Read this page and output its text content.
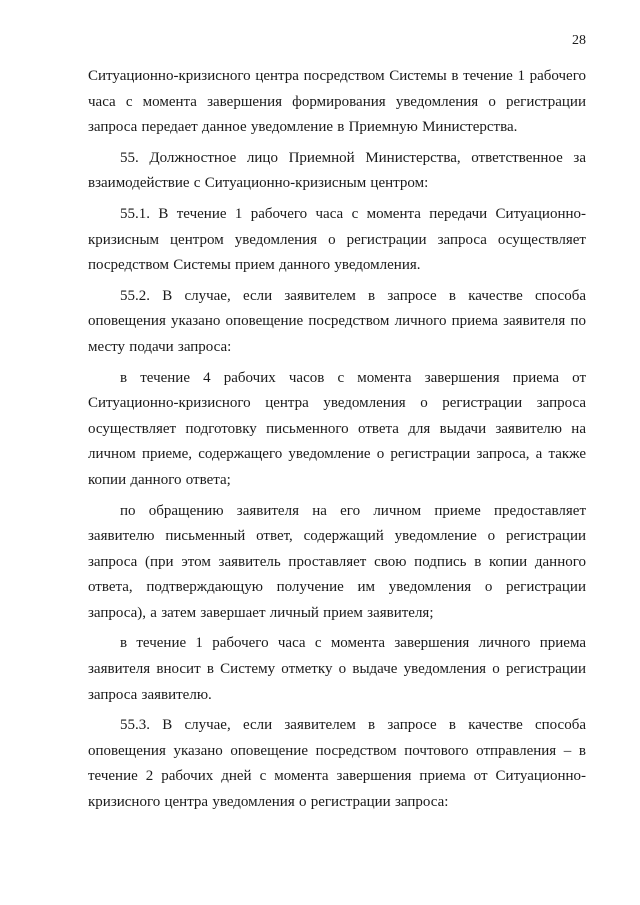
28

Ситуационно-кризисного центра посредством Системы в течение 1 рабочего часа с момента завершения формирования уведомления о регистрации запроса передает данное уведомление в Приемную Министерства.

55. Должностное лицо Приемной Министерства, ответственное за взаимодействие с Ситуационно-кризисным центром:

55.1. В течение 1 рабочего часа с момента передачи Ситуационно-кризисным центром уведомления о регистрации запроса осуществляет посредством Системы прием данного уведомления.

55.2. В случае, если заявителем в запросе в качестве способа оповещения указано оповещение посредством личного приема заявителя по месту подачи запроса:

в течение 4 рабочих часов с момента завершения приема от Ситуационно-кризисного центра уведомления о регистрации запроса осуществляет подготовку письменного ответа для выдачи заявителю на личном приеме, содержащего уведомление о регистрации запроса, а также копии данного ответа;

по обращению заявителя на его личном приеме предоставляет заявителю письменный ответ, содержащий уведомление о регистрации запроса (при этом заявитель проставляет свою подпись в копии данного ответа, подтверждающую получение им уведомления о регистрации запроса), а затем завершает личный прием заявителя;

в течение 1 рабочего часа с момента завершения личного приема заявителя вносит в Систему отметку о выдаче уведомления о регистрации запроса заявителю.

55.3. В случае, если заявителем в запросе в качестве способа оповещения указано оповещение посредством почтового отправления – в течение 2 рабочих дней с момента завершения приема от Ситуационно-кризисного центра уведомления о регистрации запроса:
